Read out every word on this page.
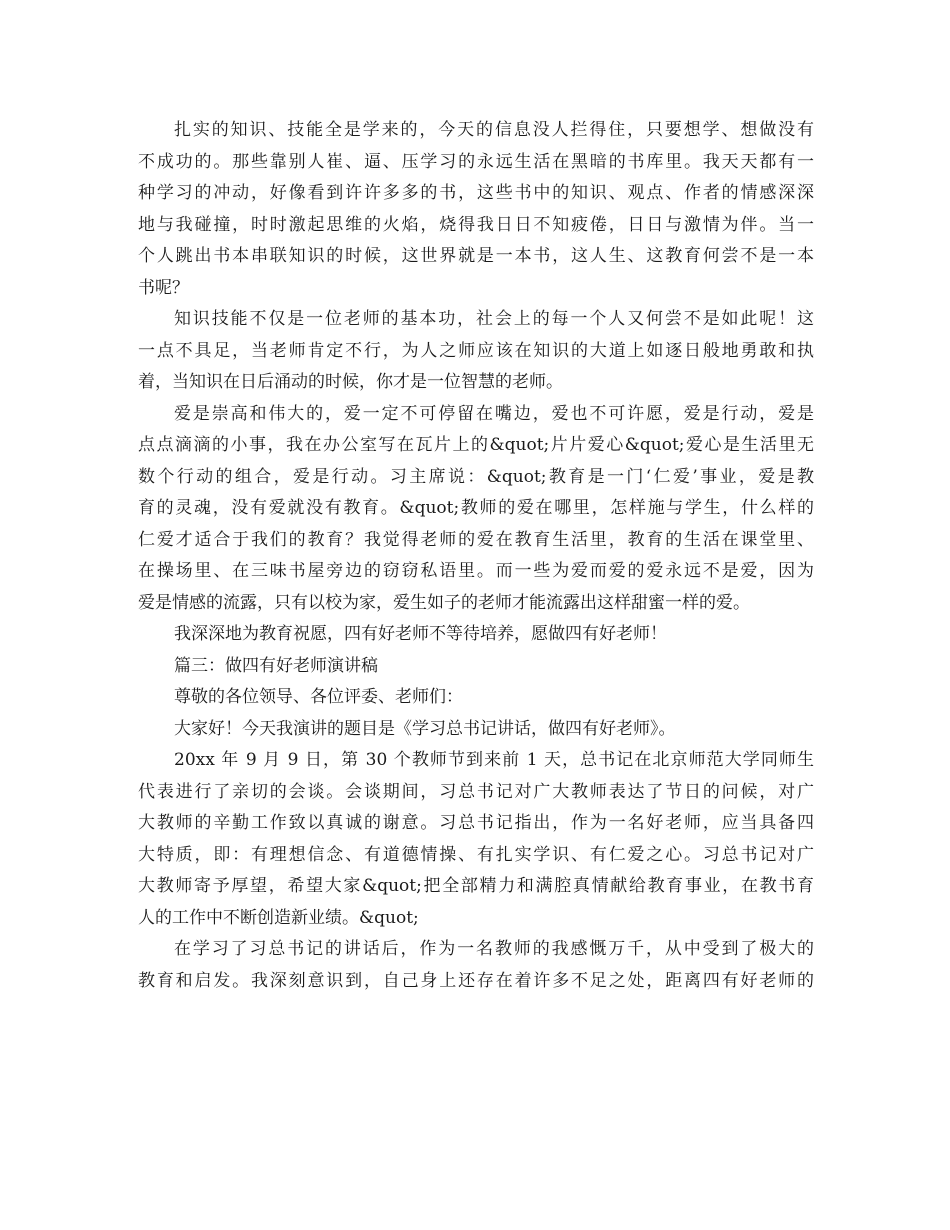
扎实的知识、技能全是学来的，今天的信息没人拦得住，只要想学、想做没有
不成功的。那些靠别人崔、逼、压学习的永远生活在黑暗的书库里。我天天都有一
种学习的冲动，好像看到许许多多的书，这些书中的知识、观点、作者的情感深深
地与我碰撞，时时激起思维的火焰，烧得我日日不知疲倦，日日与激情为伴。当一
个人跳出书本串联知识的时候，这世界就是一本书，这人生、这教育何尝不是一本
书呢？
知识技能不仅是一位老师的基本功，社会上的每一个人又何尝不是如此呢！这
一点不具足，当老师肯定不行，为人之师应该在知识的大道上如逐日般地勇敢和执
着，当知识在日后涌动的时候，你才是一位智慧的老师。
爱是崇高和伟大的，爱一定不可停留在嘴边，爱也不可许愿，爱是行动，爱是
点点滴滴的小事，我在办公室写在瓦片上的&quot;片片爱心&quot;爱心是生活里无
数个行动的组合，爱是行动。习主席说：&quot;教育是一门‘仁爱’事业，爱是教
育的灵魂，没有爱就没有教育。&quot;教师的爱在哪里，怎样施与学生，什么样的
仁爱才适合于我们的教育？我觉得老师的爱在教育生活里，教育的生活在课堂里、
在操场里、在三味书屋旁边的窃窃私语里。而一些为爱而爱的爱永远不是爱，因为
爱是情感的流露，只有以校为家，爱生如子的老师才能流露出这样甜蜜一样的爱。
我深深地为教育祝愿，四有好老师不等待培养，愿做四有好老师！
篇三：做四有好老师演讲稿
尊敬的各位领导、各位评委、老师们：
大家好！今天我演讲的题目是《学习总书记讲话，做四有好老师》。
20xx 年 9 月 9 日，第 30 个教师节到来前 1 天，总书记在北京师范大学同师生
代表进行了亲切的会谈。会谈期间，习总书记对广大教师表达了节日的问候，对广
大教师的辛勤工作致以真诚的谢意。习总书记指出，作为一名好老师，应当具备四
大特质，即：有理想信念、有道德情操、有扎实学识、有仁爱之心。习总书记对广
大教师寄予厚望，希望大家&quot;把全部精力和满腔真情献给教育事业，在教书育
人的工作中不断创造新业绩。&quot;
在学习了习总书记的讲话后，作为一名教师的我感慨万千，从中受到了极大的
教育和启发。我深刻意识到，自己身上还存在着许多不足之处，距离四有好老师的
